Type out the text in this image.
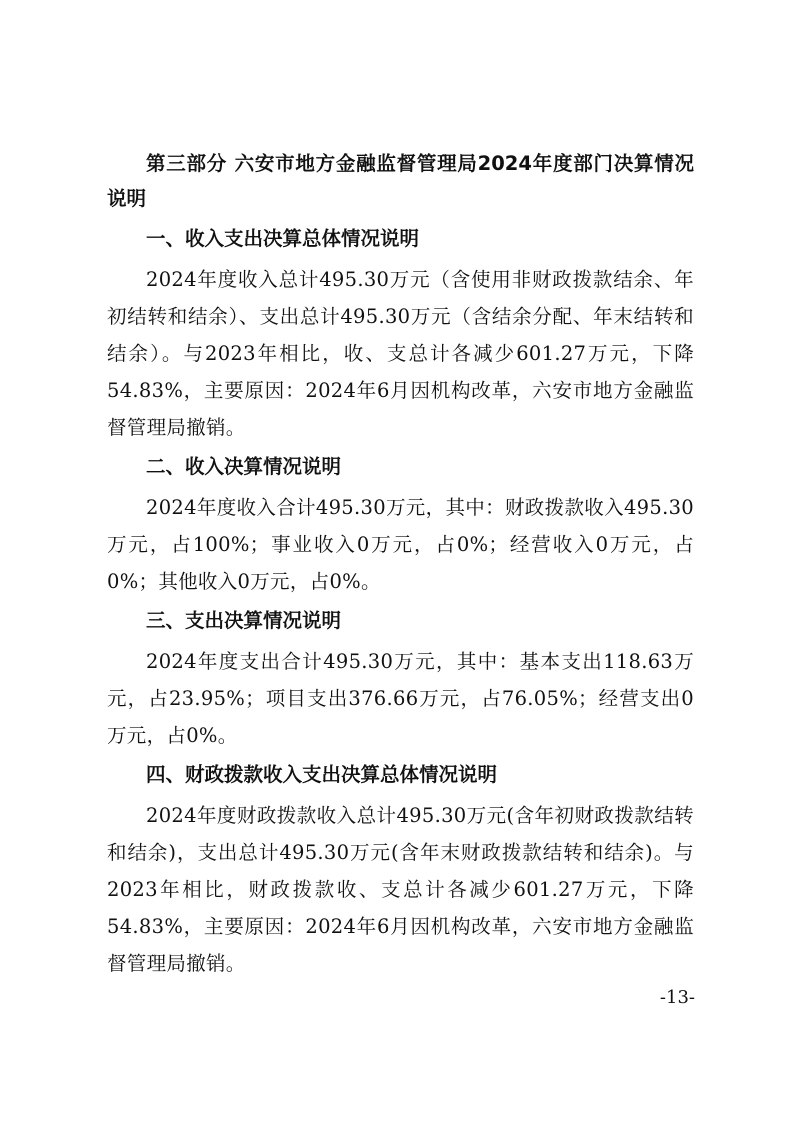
第三部分 六安市地方金融监督管理局2024年度部门决算情况说明

一、收入支出决算总体情况说明

2024年度收入总计495.30万元（含使用非财政拨款结余、年初结转和结余）、支出总计495.30万元（含结余分配、年末结转和结余）。与2023年相比，收、支总计各减少601.27万元，下降54.83%，主要原因：2024年6月因机构改革，六安市地方金融监督管理局撤销。

二、收入决算情况说明

2024年度收入合计495.30万元，其中：财政拨款收入495.30万元，占100%；事业收入0万元，占0%；经营收入0万元，占0%；其他收入0万元，占0%。

三、支出决算情况说明

2024年度支出合计495.30万元，其中：基本支出118.63万元，占23.95%；项目支出376.66万元，占76.05%；经营支出0万元，占0%。

四、财政拨款收入支出决算总体情况说明

2024年度财政拨款收入总计495.30万元(含年初财政拨款结转和结余)，支出总计495.30万元(含年末财政拨款结转和结余)。与2023年相比，财政拨款收、支总计各减少601.27万元，下降54.83%，主要原因：2024年6月因机构改革，六安市地方金融监督管理局撤销。

-13-
